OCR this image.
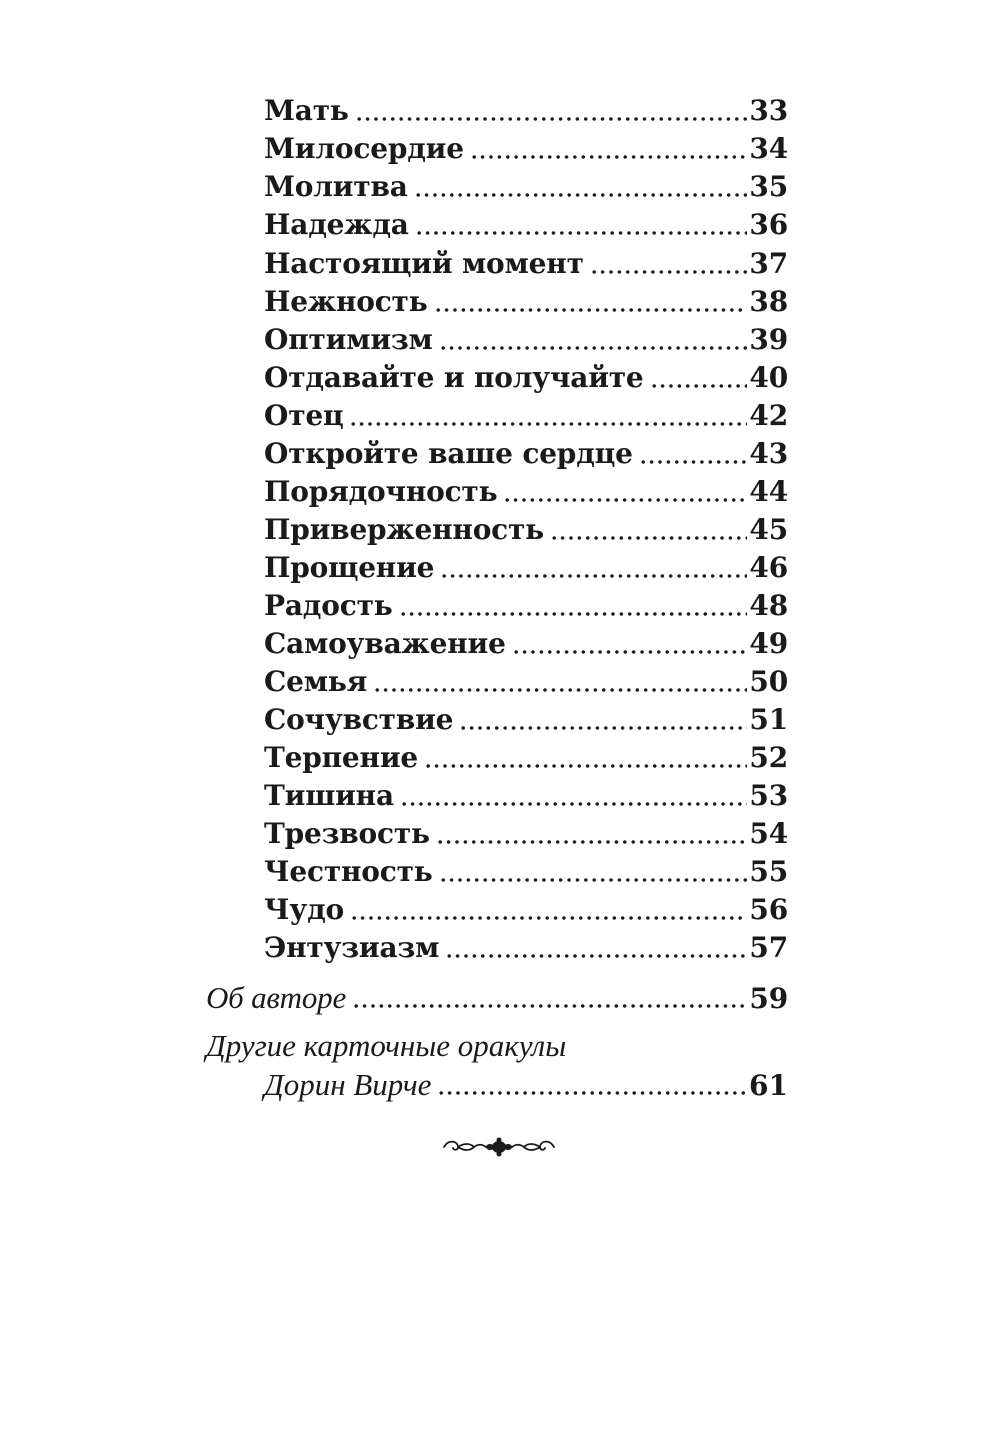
Мать	33
Милосердие	34
Молитва	35
Надежда	36
Настоящий момент	37
Нежность	38
Оптимизм	39
Отдавайте и получайте	40
Отец	42
Откройте ваше сердце	43
Порядочность	44
Приверженность	45
Прощение	46
Радость	48
Самоуважение	49
Семья	50
Сочувствие	51
Терпение	52
Тишина	53
Трезвость	54
Честность	55
Чудо	56
Энтузиазм	57
Об авторе	59
Другие карточные оракулы
Дорин Вирче	61
